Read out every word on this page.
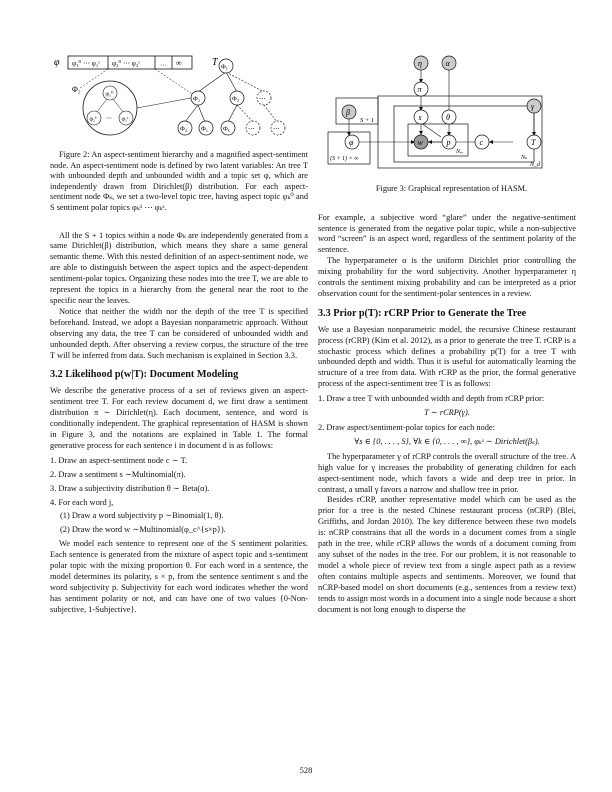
φ φ₁⁰ ⋯ φ₁ˢ φ₂⁰ ⋯ φ₂ˢ	… ∞	T
Φ₂
φ₂⁰
φ₂¹ ⋯ φ₂ˢ
Φ₁
Φ₂	Φ₃	⋯
Φ₄ Φ₅ Φ₆	⋯	⋯

Figure 2: An aspect-sentiment hierarchy and a magnified aspect-sentiment node. An aspect-sentiment node is defined by two latent variables: An tree T with unbounded depth and unbounded width and a topic set φ, which are independently drawn from Dirichlet(β) distribution. For each aspect-sentiment node Φₖ, we set a two-level topic tree, having aspect topic φₖ⁰ and S sentiment polar topics φₖ¹ ⋯ φₖˢ.

All the S + 1 topics within a node Φₖ are independently generated from a same Dirichlet(β) distribution, which means they share a same general semantic theme. With this nested definition of an aspect-sentiment node, we are able to distinguish between the aspect topics and the aspect-dependent sentiment-polar topics. Organizing these nodes into the tree T, we are able to represent the topics in a hierarchy from the general near the root to the specific near the leaves.

Notice that neither the width nor the depth of the tree T is specified beforehand. Instead, we adopt a Bayesian nonparametric approach. Without observing any data, the tree T can be considered of unbounded width and unbounded depth. After observing a review corpus, the structure of the tree T will be inferred from data. Such mechanism is explained in Section 3.3.

3.2 Likelihood p(w|T): Document Modeling

We describe the generative process of a set of reviews given an aspect-sentiment tree T. For each review document d, we first draw a sentiment distribution π ∼ Dirichlet(η). Each document, sentence, and word is conditionally independent. The graphical representation of HASM is shown in Figure 3, and the notations are explained in Table 1. The formal generative process for each sentence i in document d is as follows:

1. Draw an aspect-sentiment node c ∼ T.
2. Draw a sentiment s ∼Multinomial(π).
3. Draw a subjectivity distribution θ ∼ Beta(α).
4. For each word j,
(1) Draw a word subjectivity p ∼Binomial(1, θ).
(2) Draw the word w ∼Multinomial(φ_c^{s×p}).

We model each sentence to represent one of the S sentiment polarities. Each sentence is generated from the mixture of aspect topic and s-sentiment polar topic with the mixing proportion θ. For each word in a sentence, the model determines its polarity, s × p, from the sentence sentiment s and the word subjectivity p. Subjectivity for each word indicates whether the word has sentiment polarity or not, and can have one of two values {0-Non-subjective, 1-Subjective}.

η	α
π
β
S + 1	s	θ
γ
φ
(S + 1) × ∞
w	p
Nᵥᵥ
c	T
Nₛ
N_d

Figure 3: Graphical representation of HASM.

For example, a subjective word “glare” under the negative-sentiment sentence is generated from the negative polar topic, while a non-subjective word “screen” is an aspect word, regardless of the sentiment polarity of the sentence.

The hyperparameter α is the uniform Dirichlet prior controlling the mixing probability for the word subjectivity. Another hyperparameter η controls the sentiment mixing probability and can be interpreted as a prior observation count for the sentiment-polar sentences in a review.

3.3 Prior p(T): rCRP Prior to Generate the Tree

We use a Bayesian nonparametric model, the recursive Chinese restaurant process (rCRP) (Kim et al. 2012), as a prior to generate the tree T. rCRP is a stochastic process which defines a probability p(T) for a tree T with unbounded depth and width. Thus it is useful for automatically learning the structure of a tree from data. With rCRP as the prior, the formal generative process of the aspect-sentiment tree T is as follows:

1. Draw a tree T with unbounded width and depth from rCRP prior:
T ∼ rCRP(γ).
2. Draw aspect/sentiment-polar topics for each node:
∀s ∈ {0, . . . , S}, ∀k ∈ {0, . . . , ∞}, φₖˢ ∼ Dirichlet(βₛ).

The hyperparameter γ of rCRP controls the overall structure of the tree. A high value for γ increases the probability of generating children for each aspect-sentiment node, which favors a wide and deep tree in prior. In contrast, a small γ favors a narrow and shallow tree in prior.

Besides rCRP, another representative model which can be used as the prior for a tree is the nested Chinese restaurant process (nCRP) (Blei, Griffiths, and Jordan 2010). The key difference between these two models is: nCRP constrains that all the words in a document comes from a single path in the tree, while rCRP allows the words of a document coming from any subset of the nodes in the tree. For our problem, it is not reasonable to model a whole piece of review text from a single aspect path as a review often contains multiple aspects and sentiments. Moreover, we found that nCRP-based model on short documents (e.g., sentences from a review text) tends to assign most words in a document into a single node because a short document is not long enough to disperse the

528
